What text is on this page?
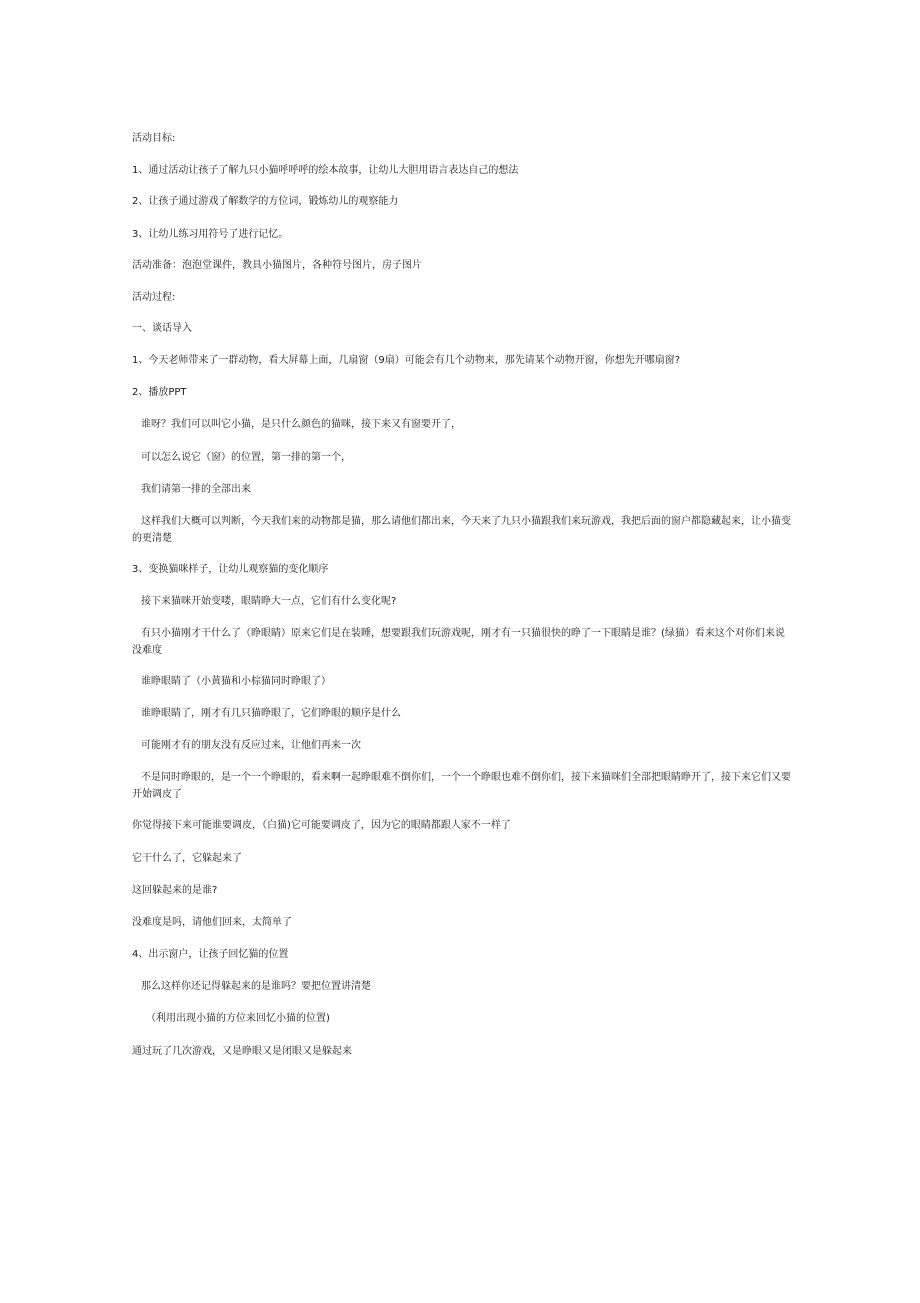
活动目标:
1、通过活动让孩子了解九只小猫呼呼呼的绘本故事，让幼儿大胆用语言表达自己的想法
2、让孩子通过游戏了解数学的方位词，锻炼幼儿的观察能力
3、让幼儿练习用符号了进行记忆。
活动准备：泡泡堂课件，教具小猫图片，各种符号图片，房子图片
活动过程:
一、谈话导入
1、今天老师带来了一群动物，看大屏幕上面，几扇窗（9扇）可能会有几个动物来，那先请某个动物开窗，你想先开哪扇窗?
2、播放PPT
谁呀？我们可以叫它小猫，是只什么颜色的猫咪，接下来又有窗要开了，
可以怎么说它（窗）的位置，第一排的第一个，
我们请第一排的全部出来
这样我们大概可以判断，今天我们来的动物都是猫，那么请他们都出来，今天来了九只小猫跟我们来玩游戏，我把后面的窗户都隐藏起来，让小猫变的更清楚
3、变换猫咪样子，让幼儿观察猫的变化顺序
接下来猫咪开始变喽，眼睛睁大一点，它们有什么变化呢?
有只小猫刚才干什么了（睁眼睛）原来它们是在装睡，想要跟我们玩游戏呢，刚才有一只猫很快的睁了一下眼睛是谁？(绿猫）看来这个对你们来说没难度
谁睁眼睛了（小黄猫和小棕猫同时睁眼了）
谁睁眼睛了，刚才有几只猫睁眼了，它们睁眼的顺序是什么
可能刚才有的朋友没有反应过来，让他们再来一次
不是同时睁眼的，是一个一个睁眼的，看来啊一起睁眼难不倒你们，一个一个睁眼也难不倒你们，接下来猫咪们全部把眼睛睁开了，接下来它们又要开始调皮了
你觉得接下来可能谁要调皮，（白猫)它可能要调皮了，因为它的眼睛都跟人家不一样了
它干什么了，它躲起来了
这回躲起来的是谁?
没难度是吗，请他们回来，太简单了
4、出示窗户，让孩子回忆猫的位置
那么这样你还记得躲起来的是谁吗？要把位置讲清楚
（利用出现小猫的方位来回忆小猫的位置)
通过玩了几次游戏，又是睁眼又是闭眼又是躲起来
